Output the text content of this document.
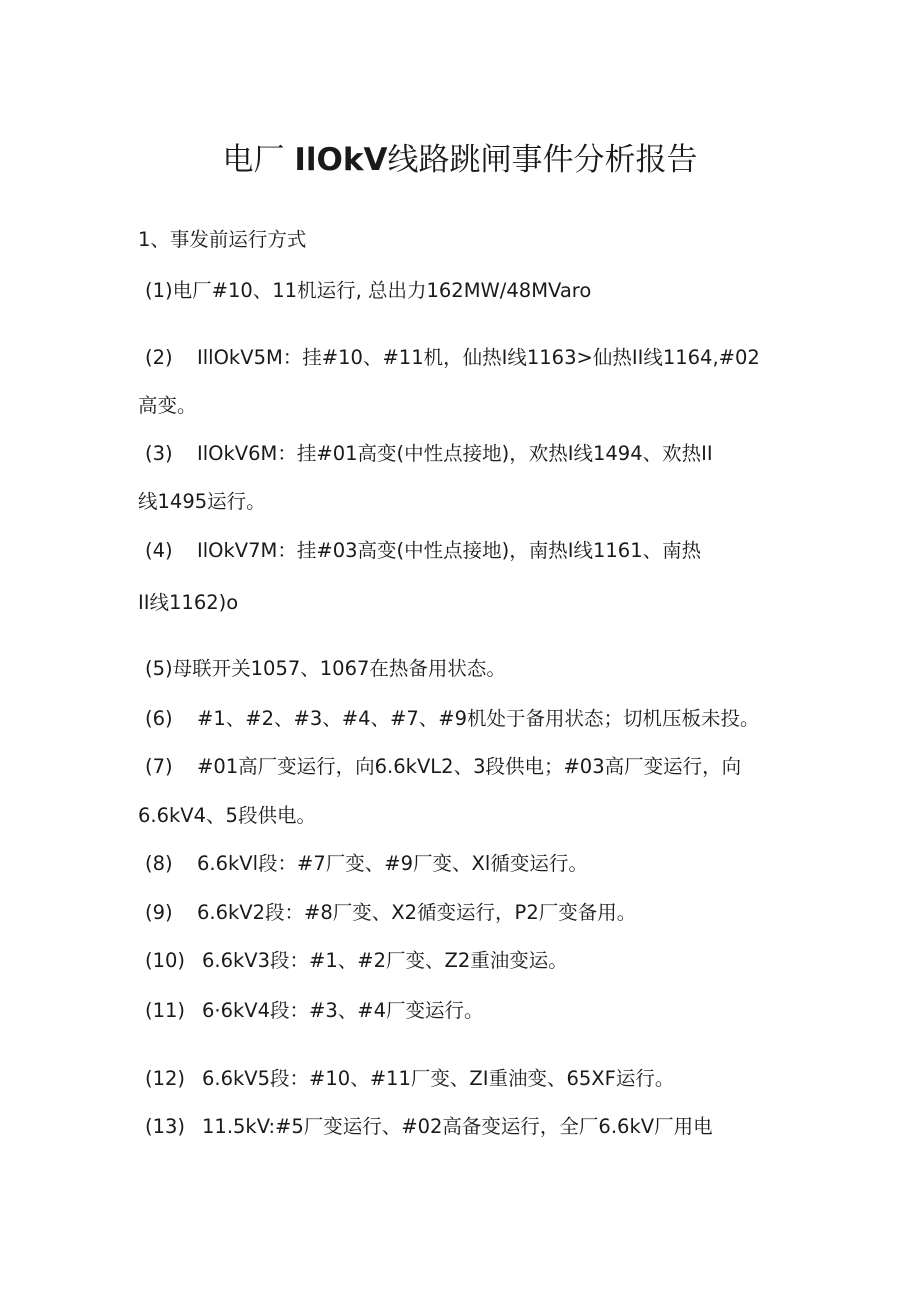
电厂 IlOkV线路跳闸事件分析报告

1、事发前运行方式

(1)电厂#10、11机运行, 总出力162MW/48MVaro

(2) IllOkV5M：挂#10、#11机，仙热I线1163>仙热II线1164,#02

高变。

(3) IlOkV6M：挂#01高变(中性点接地)，欢热I线1494、欢热II

线1495运行。

(4) IlOkV7M：挂#03高变(中性点接地)，南热I线1161、南热

II线1162)o

(5)母联开关1057、1067在热备用状态。

(6) #1、#2、#3、#4、#7、#9机处于备用状态；切机压板未投。

(7) #01高厂变运行，向6.6kVL2、3段供电；#03高厂变运行，向

6.6kV4、5段供电。

(8) 6.6kVl段：#7厂变、#9厂变、Xl循变运行。

(9) 6.6kV2段：#8厂变、X2循变运行，P2厂变备用。

(10) 6.6kV3段：#1、#2厂变、Z2重油变运。

(11) 6·6kV4段：#3、#4厂变运行。

(12) 6.6kV5段：#10、#11厂变、ZI重油变、65XF运行。

(13) 11.5kV:#5厂变运行、#02高备变运行，全厂6.6kV厂用电
